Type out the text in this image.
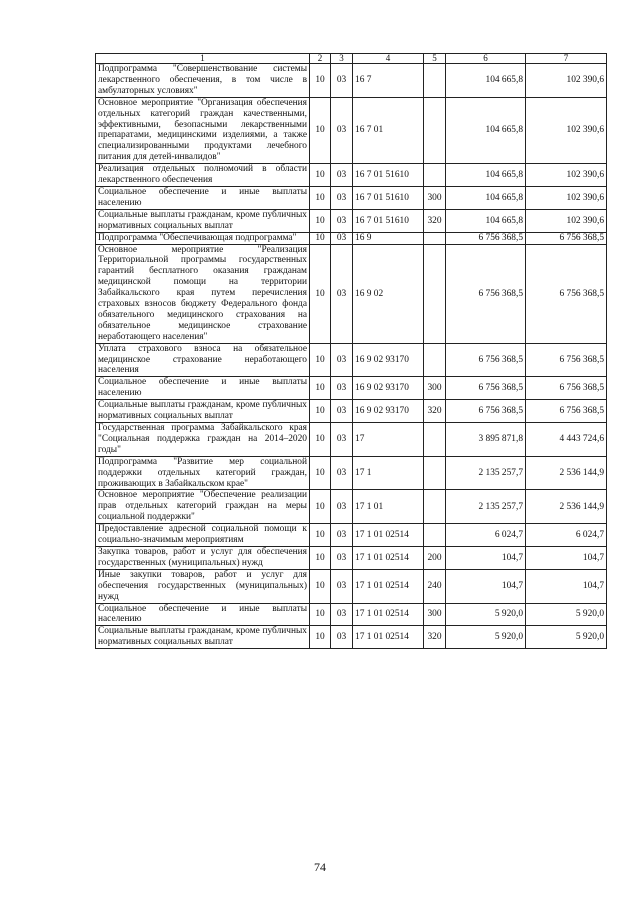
1	2	3	4	5	6	7
Подпрограмма "Совершенствование системы лекарственного обеспечения, в том числе в амбулаторных условиях"	10	03	16 7		104 665,8	102 390,6
Основное мероприятие "Организация обеспечения отдельных категорий граждан качественными, эффективными, безопасными лекарственными препаратами, медицинскими изделиями, а также специализированными продуктами лечебного питания для детей-инвалидов"	10	03	16 7 01		104 665,8	102 390,6
Реализация отдельных полномочий в области лекарственного обеспечения	10	03	16 7 01 51610		104 665,8	102 390,6
Социальное обеспечение и иные выплаты населению	10	03	16 7 01 51610	300	104 665,8	102 390,6
Социальные выплаты гражданам, кроме публичных нормативных социальных выплат	10	03	16 7 01 51610	320	104 665,8	102 390,6
Подпрограмма "Обеспечивающая подпрограмма"	10	03	16 9		6 756 368,5	6 756 368,5
Основное мероприятие "Реализация Территориальной программы государственных гарантий бесплатного оказания гражданам медицинской помощи на территории Забайкальского края путем перечисления страховых взносов бюджету Федерального фонда обязательного медицинского страхования на обязательное медицинское страхование неработающего населения"	10	03	16 9 02		6 756 368,5	6 756 368,5
Уплата страхового взноса на обязательное медицинское страхование неработающего населения	10	03	16 9 02 93170		6 756 368,5	6 756 368,5
Социальное обеспечение и иные выплаты населению	10	03	16 9 02 93170	300	6 756 368,5	6 756 368,5
Социальные выплаты гражданам, кроме публичных нормативных социальных выплат	10	03	16 9 02 93170	320	6 756 368,5	6 756 368,5
Государственная программа Забайкальского края "Социальная поддержка граждан на 2014–2020 годы"	10	03	17		3 895 871,8	4 443 724,6
Подпрограмма "Развитие мер социальной поддержки отдельных категорий граждан, проживающих в Забайкальском крае"	10	03	17 1		2 135 257,7	2 536 144,9
Основное мероприятие "Обеспечение реализации прав отдельных категорий граждан на меры социальной поддержки"	10	03	17 1 01		2 135 257,7	2 536 144,9
Предоставление адресной социальной помощи к социально-значимым мероприятиям	10	03	17 1 01 02514		6 024,7	6 024,7
Закупка товаров, работ и услуг для обеспечения государственных (муниципальных) нужд	10	03	17 1 01 02514	200	104,7	104,7
Иные закупки товаров, работ и услуг для обеспечения государственных (муниципальных) нужд	10	03	17 1 01 02514	240	104,7	104,7
Социальное обеспечение и иные выплаты населению	10	03	17 1 01 02514	300	5 920,0	5 920,0
Социальные выплаты гражданам, кроме публичных нормативных социальных выплат	10	03	17 1 01 02514	320	5 920,0	5 920,0
74
